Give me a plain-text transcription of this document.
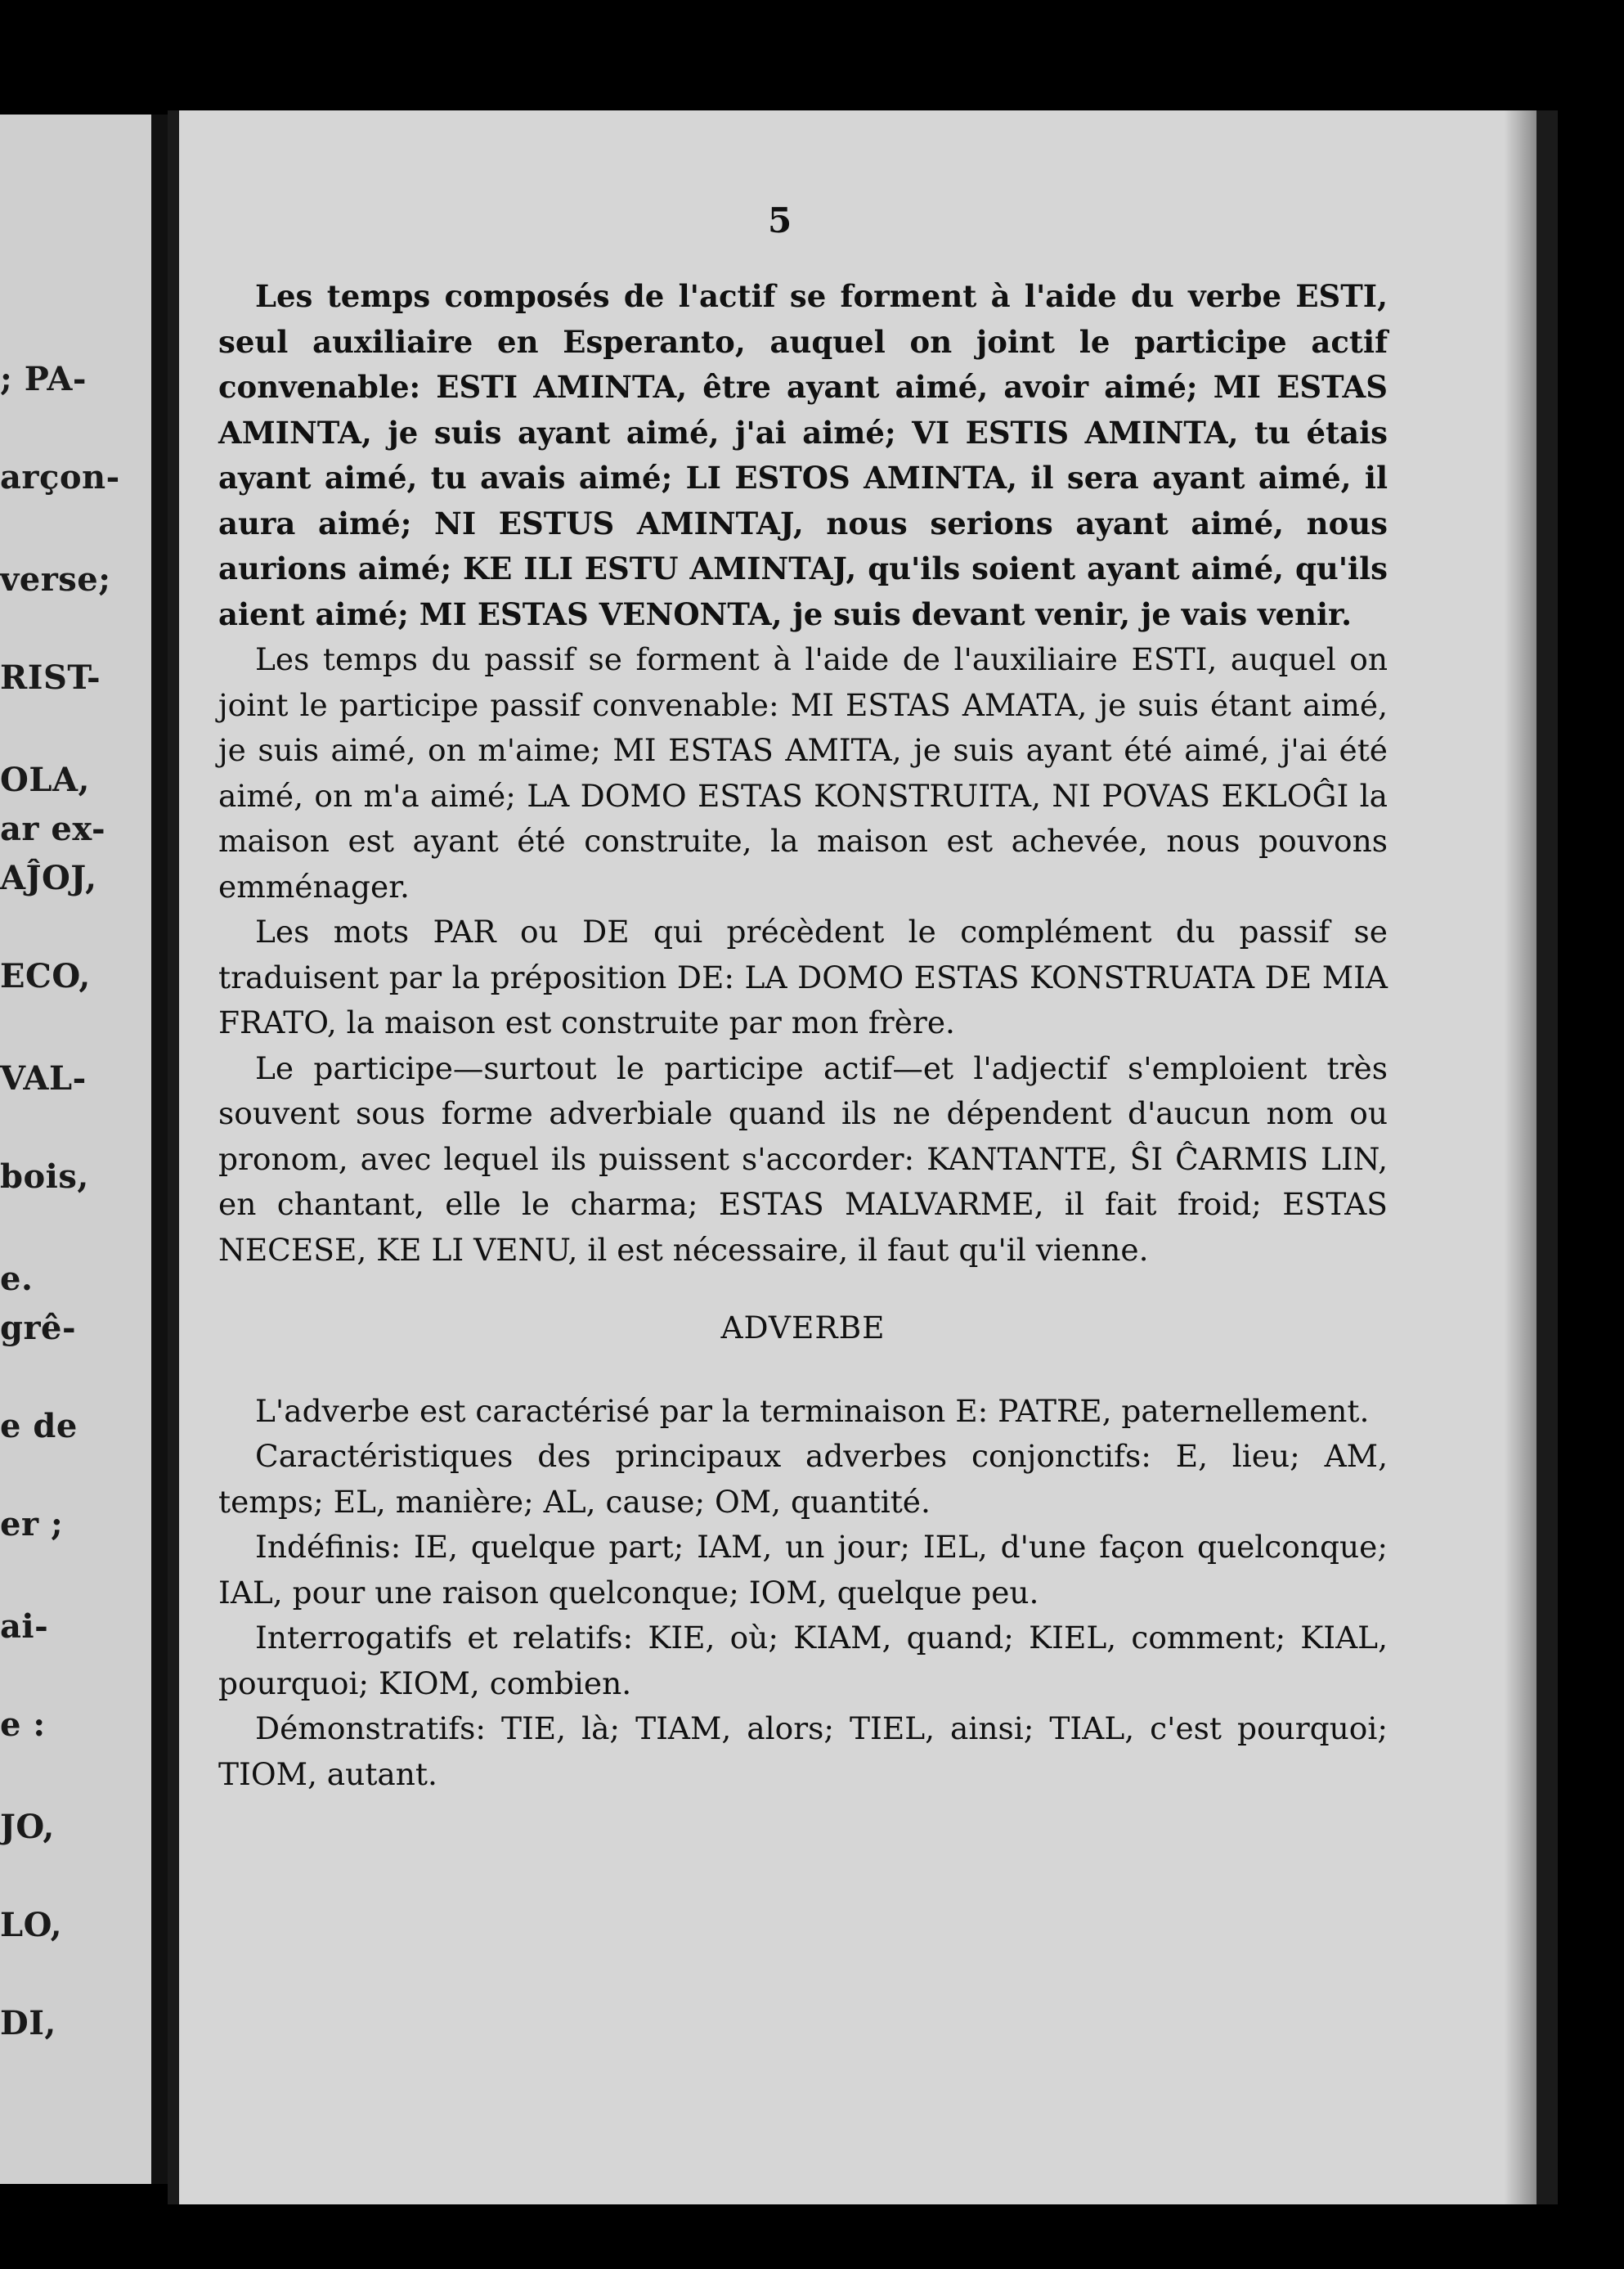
; PA-
arçon-
verse;
RIST-
OLA,
ar ex-
AĴOJ,
ECO,
VAL-
bois,
e.
grê-
e de
er ;
ai-
e :
JO,
LO,
DI,
5

Les temps composés de l'actif se forment à l'aide du verbe ESTI, seul auxiliaire en Esperanto, auquel on joint le participe actif convenable: ESTI AMINTA, être ayant aimé, avoir aimé; MI ESTAS AMINTA, je suis ayant aimé, j'ai aimé; VI ESTIS AMINTA, tu étais ayant aimé, tu avais aimé; LI ESTOS AMINTA, il sera ayant aimé, il aura aimé; NI ESTUS AMINTAJ, nous serions ayant aimé, nous aurions aimé; KE ILI ESTU AMINTAJ, qu'ils soient ayant aimé, qu'ils aient aimé; MI ESTAS VENONTA, je suis devant venir, je vais venir.

Les temps du passif se forment à l'aide de l'auxiliaire ESTI, auquel on joint le participe passif convenable: MI ESTAS AMATA, je suis étant aimé, je suis aimé, on m'aime; MI ESTAS AMITA, je suis ayant été aimé, j'ai été aimé, on m'a aimé; LA DOMO ESTAS KONSTRUITA, NI POVAS EKLOĜI la maison est ayant été construite, la maison est achevée, nous pouvons emménager.

Les mots PAR ou DE qui précèdent le complément du passif se traduisent par la préposition DE: LA DOMO ESTAS KONSTRUATA DE MIA FRATO, la maison est construite par mon frère.

Le participe—surtout le participe actif—et l'adjectif s'emploient très souvent sous forme adverbiale quand ils ne dépendent d'aucun nom ou pronom, avec lequel ils puissent s'accorder: KANTANTE, ŜI ĈARMIS LIN, en chantant, elle le charma; ESTAS MALVARME, il fait froid; ESTAS NECESE, KE LI VENU, il est nécessaire, il faut qu'il vienne.

ADVERBE

L'adverbe est caractérisé par la terminaison E: PATRE, paternellement.

Caractéristiques des principaux adverbes conjonctifs: E, lieu; AM, temps; EL, manière; AL, cause; OM, quantité.

Indéfinis: IE, quelque part; IAM, un jour; IEL, d'une façon quelconque; IAL, pour une raison quelconque; IOM, quelque peu.

Interrogatifs et relatifs: KIE, où; KIAM, quand; KIEL, comment; KIAL, pourquoi; KIOM, combien.

Démonstratifs: TIE, là; TIAM, alors; TIEL, ainsi; TIAL, c'est pourquoi; TIOM, autant.
